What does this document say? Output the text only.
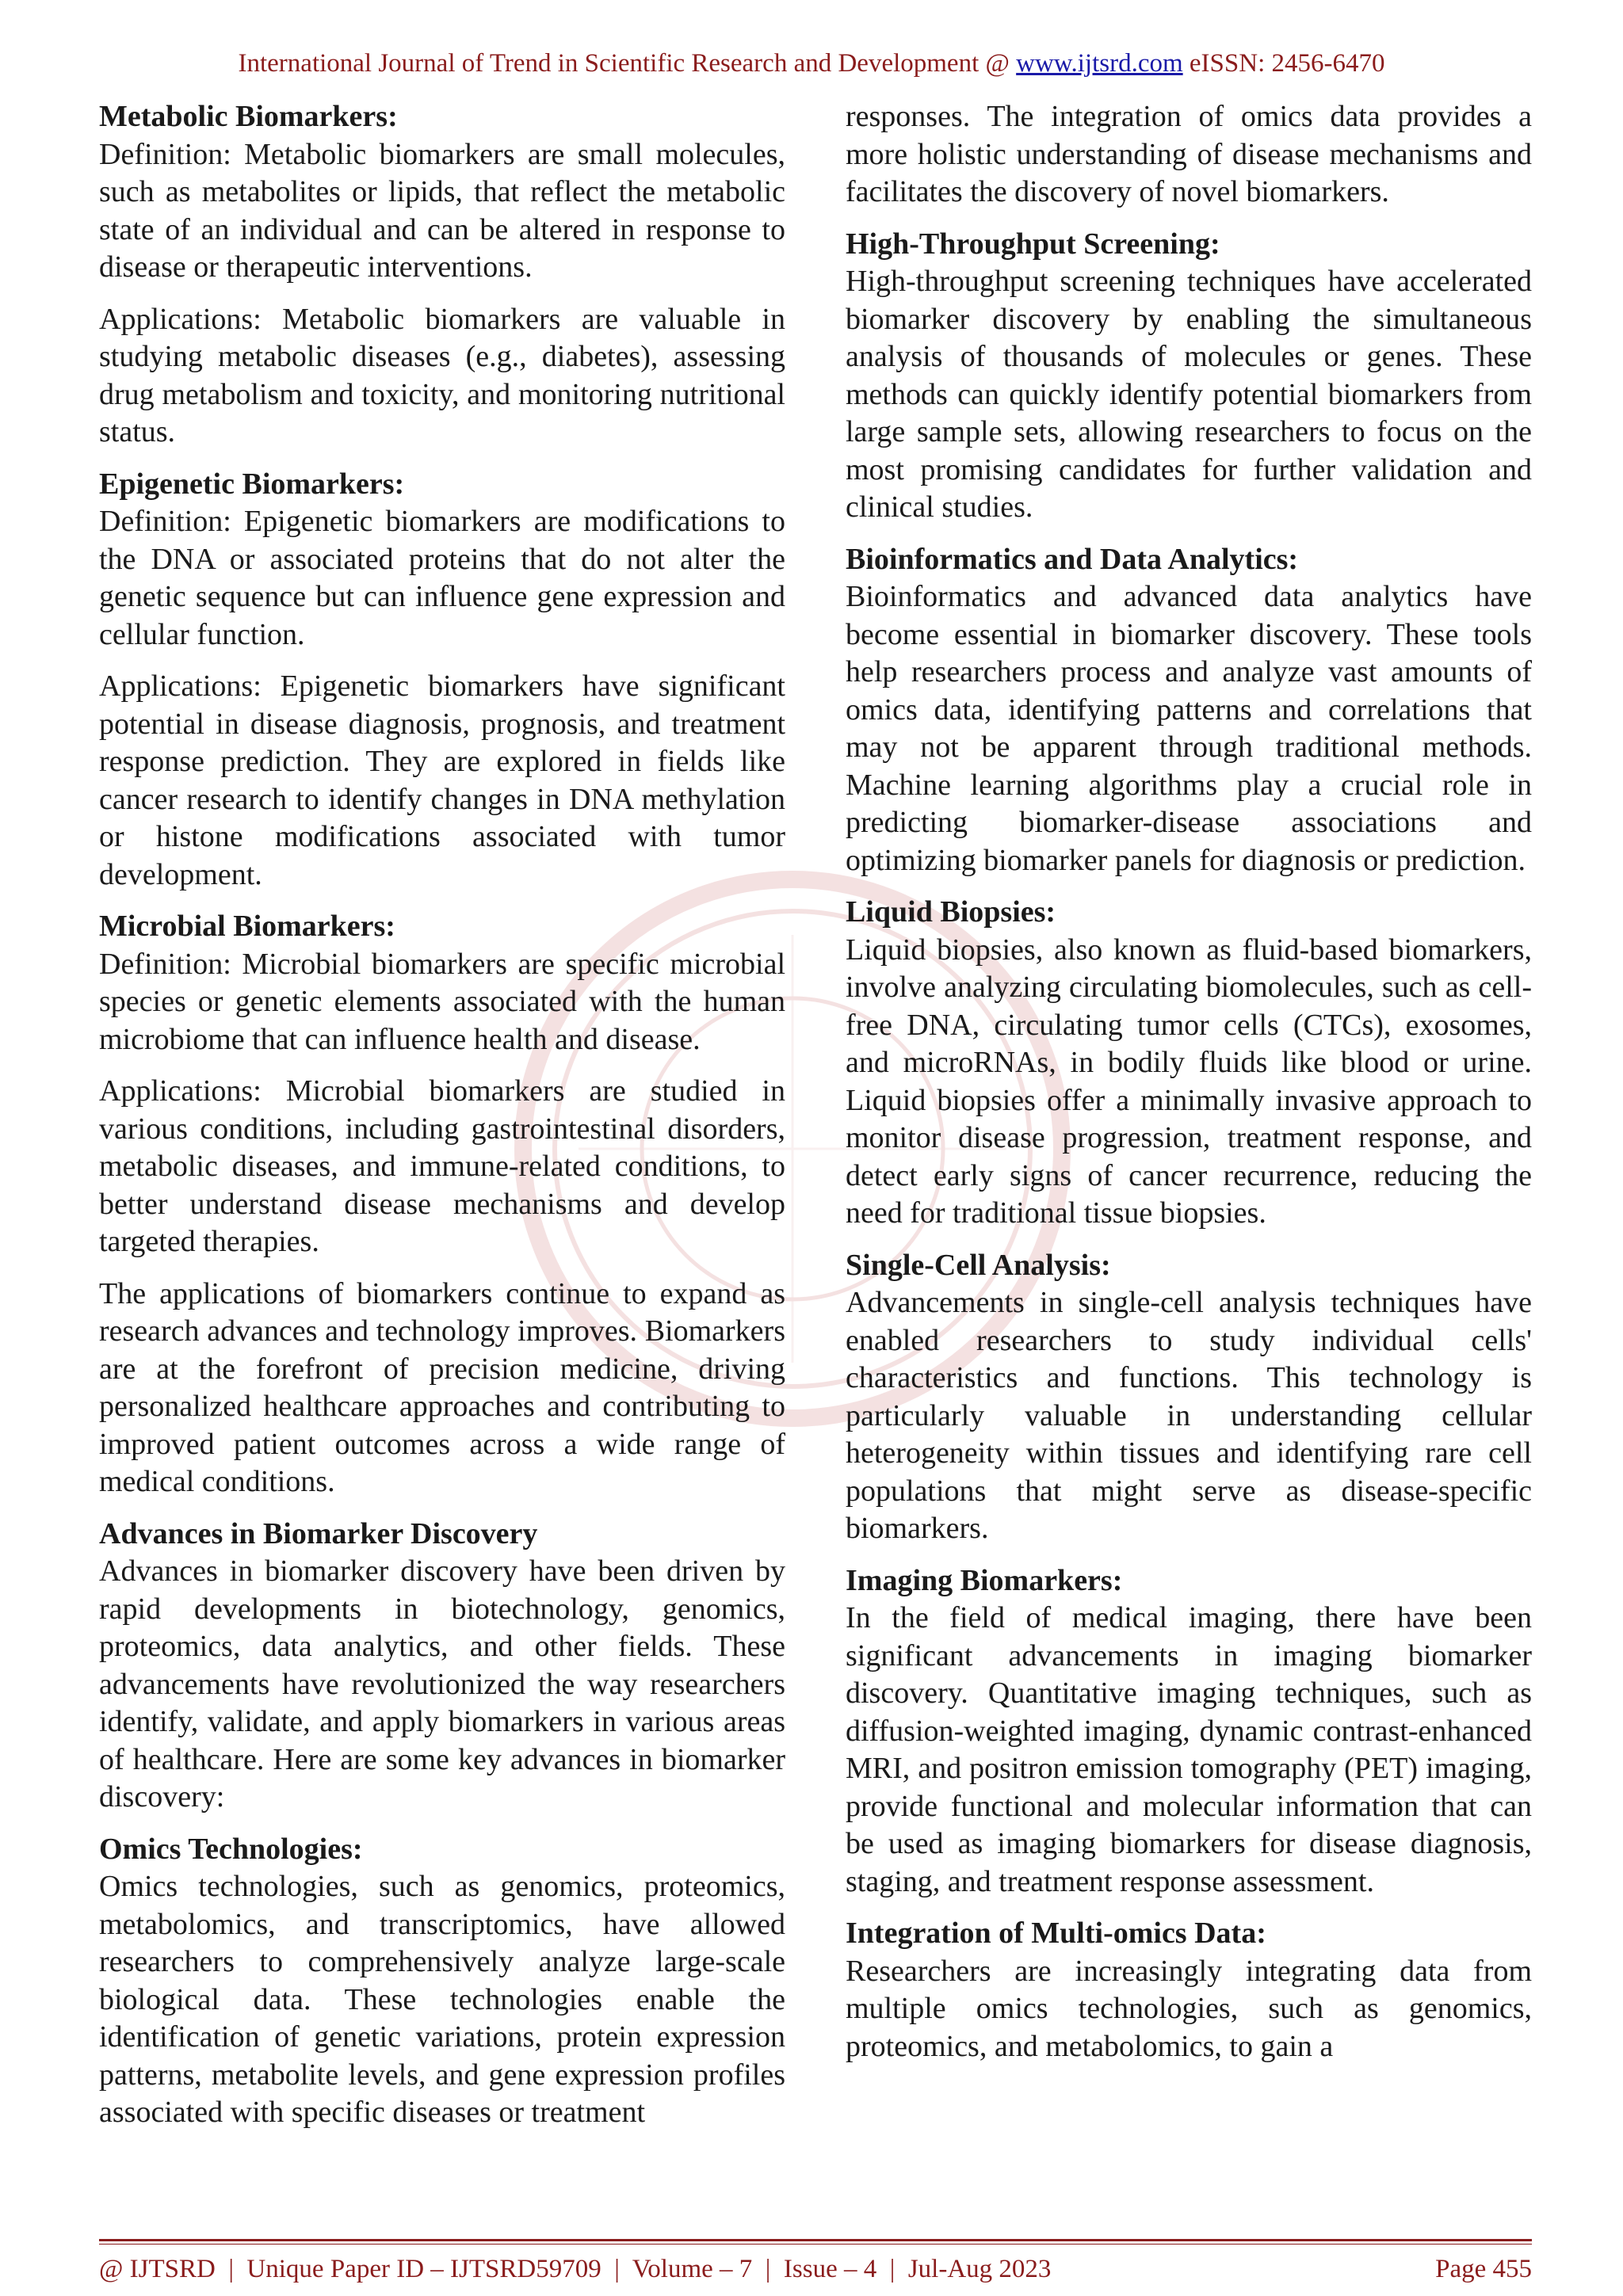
International Journal of Trend in Scientific Research and Development @ www.ijtsrd.com eISSN: 2456-6470
Metabolic Biomarkers:

Definition: Metabolic biomarkers are small molecules, such as metabolites or lipids, that reflect the metabolic state of an individual and can be altered in response to disease or therapeutic interventions.

Applications: Metabolic biomarkers are valuable in studying metabolic diseases (e.g., diabetes), assessing drug metabolism and toxicity, and monitoring nutritional status.

Epigenetic Biomarkers:

Definition: Epigenetic biomarkers are modifications to the DNA or associated proteins that do not alter the genetic sequence but can influence gene expression and cellular function.

Applications: Epigenetic biomarkers have significant potential in disease diagnosis, prognosis, and treatment response prediction. They are explored in fields like cancer research to identify changes in DNA methylation or histone modifications associated with tumor development.

Microbial Biomarkers:

Definition: Microbial biomarkers are specific microbial species or genetic elements associated with the human microbiome that can influence health and disease.

Applications: Microbial biomarkers are studied in various conditions, including gastrointestinal disorders, metabolic diseases, and immune-related conditions, to better understand disease mechanisms and develop targeted therapies.

The applications of biomarkers continue to expand as research advances and technology improves. Biomarkers are at the forefront of precision medicine, driving personalized healthcare approaches and contributing to improved patient outcomes across a wide range of medical conditions.

Advances in Biomarker Discovery

Advances in biomarker discovery have been driven by rapid developments in biotechnology, genomics, proteomics, data analytics, and other fields. These advancements have revolutionized the way researchers identify, validate, and apply biomarkers in various areas of healthcare. Here are some key advances in biomarker discovery:

Omics Technologies:

Omics technologies, such as genomics, proteomics, metabolomics, and transcriptomics, have allowed researchers to comprehensively analyze large-scale biological data. These technologies enable the identification of genetic variations, protein expression patterns, metabolite levels, and gene expression profiles associated with specific diseases or treatment

responses. The integration of omics data provides a more holistic understanding of disease mechanisms and facilitates the discovery of novel biomarkers.

High-Throughput Screening:

High-throughput screening techniques have accelerated biomarker discovery by enabling the simultaneous analysis of thousands of molecules or genes. These methods can quickly identify potential biomarkers from large sample sets, allowing researchers to focus on the most promising candidates for further validation and clinical studies.

Bioinformatics and Data Analytics:

Bioinformatics and advanced data analytics have become essential in biomarker discovery. These tools help researchers process and analyze vast amounts of omics data, identifying patterns and correlations that may not be apparent through traditional methods. Machine learning algorithms play a crucial role in predicting biomarker-disease associations and optimizing biomarker panels for diagnosis or prediction.

Liquid Biopsies:

Liquid biopsies, also known as fluid-based biomarkers, involve analyzing circulating biomolecules, such as cell-free DNA, circulating tumor cells (CTCs), exosomes, and microRNAs, in bodily fluids like blood or urine. Liquid biopsies offer a minimally invasive approach to monitor disease progression, treatment response, and detect early signs of cancer recurrence, reducing the need for traditional tissue biopsies.

Single-Cell Analysis:

Advancements in single-cell analysis techniques have enabled researchers to study individual cells' characteristics and functions. This technology is particularly valuable in understanding cellular heterogeneity within tissues and identifying rare cell populations that might serve as disease-specific biomarkers.

Imaging Biomarkers:

In the field of medical imaging, there have been significant advancements in imaging biomarker discovery. Quantitative imaging techniques, such as diffusion-weighted imaging, dynamic contrast-enhanced MRI, and positron emission tomography (PET) imaging, provide functional and molecular information that can be used as imaging biomarkers for disease diagnosis, staging, and treatment response assessment.

Integration of Multi-omics Data:

Researchers are increasingly integrating data from multiple omics technologies, such as genomics, proteomics, and metabolomics, to gain a

@ IJTSRD  |  Unique Paper ID – IJTSRD59709  |  Volume – 7  |  Issue – 4  |  Jul-Aug 2023	Page 455
